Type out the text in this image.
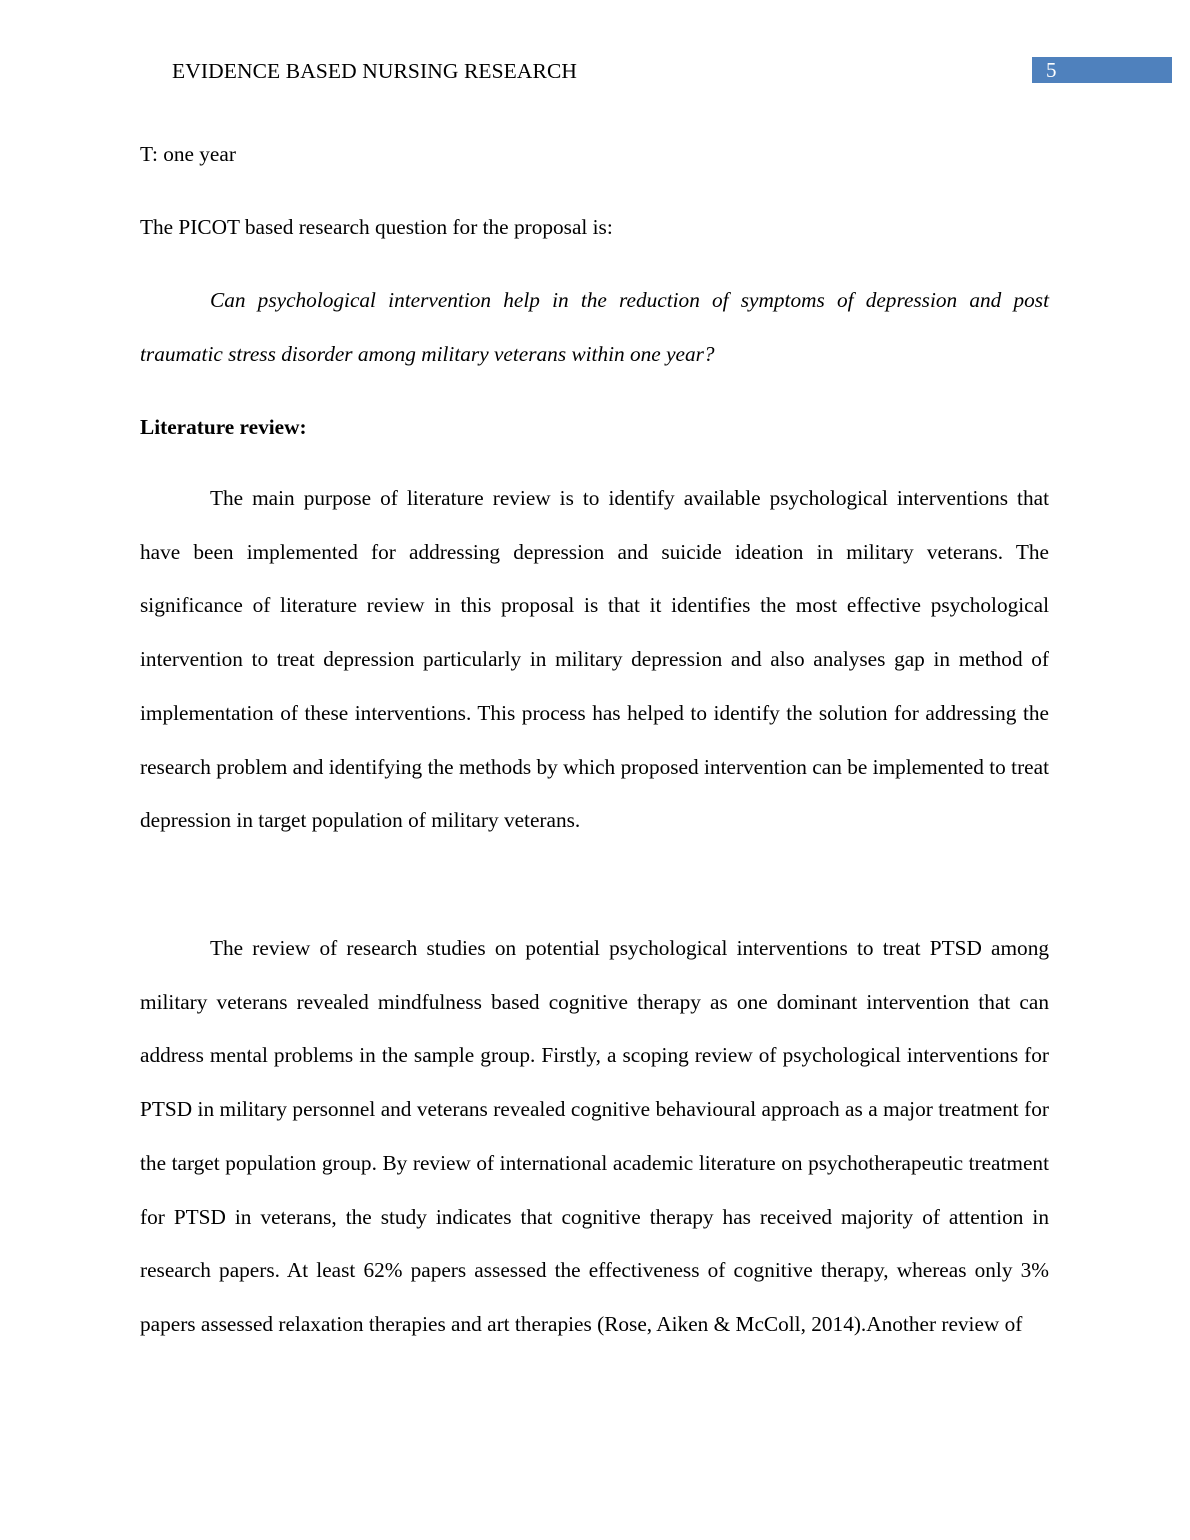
EVIDENCE BASED NURSING RESEARCH	5

T: one year

The PICOT based research question for the proposal is:

Can psychological intervention help in the reduction of symptoms of depression and post traumatic stress disorder among military veterans within one year?

Literature review:

The main purpose of literature review is to identify available psychological interventions that have been implemented for addressing depression and suicide ideation in military veterans. The significance of literature review in this proposal is that it identifies the most effective psychological intervention to treat depression particularly in military depression and also analyses gap in method of implementation of these interventions. This process has helped to identify the solution for addressing the research problem and identifying the methods by which proposed intervention can be implemented to treat depression in target population of military veterans.

The review of research studies on potential psychological interventions to treat PTSD among military veterans revealed mindfulness based cognitive therapy as one dominant intervention that can address mental problems in the sample group. Firstly, a scoping review of psychological interventions for PTSD in military personnel and veterans revealed cognitive behavioural approach as a major treatment for the target population group. By review of international academic literature on psychotherapeutic treatment for PTSD in veterans, the study indicates that cognitive therapy has received majority of attention in research papers. At least 62% papers assessed the effectiveness of cognitive therapy, whereas only 3% papers assessed relaxation therapies and art therapies (Rose, Aiken & McColl, 2014).Another review of
